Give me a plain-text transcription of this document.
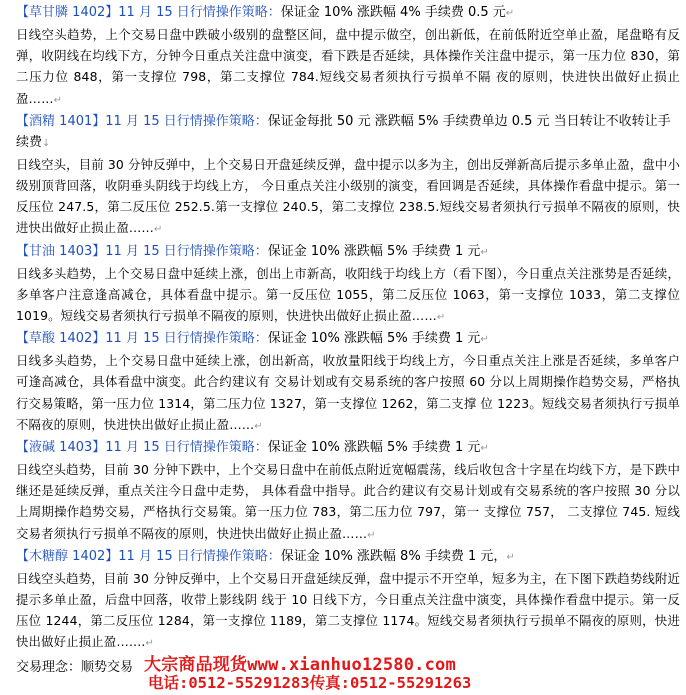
【草甘膦 1402】11 月 15 日行情操作策略：保证金 10% 涨跌幅 4% 手续费 0.5 元↵

日线空头趋势，上个交易日盘中跌破小级别的盘整区间，盘中提示做空，创出新低，在前低附近空单止盈，尾盘略有反弹，收阴线在均线下方，分钟今日重点关注盘中演变，看下跌是否延续，具体操作关注盘中提示，第一压力位 830，第二压力位 848，第一支撑位 798，第二支撑位 784.短线交易者须执行亏损单不隔 夜的原则，快进快出做好止损止盈……↵

【酒精 1401】11 月 15 日行情操作策略：保证金每批 50 元 涨跌幅 5% 手续费单边 0.5 元 当日转让不收转让手续费↓

日线空头，目前 30 分钟反弹中，上个交易日开盘延续反弹，盘中提示以多为主，创出反弹新高后提示多单止盈，盘中小级别顶背回落，收阴垂头阴线于均线上方， 今日重点关注小级别的演变，看回调是否延续，具体操作看盘中提示。第一反压位 247.5，第二反压位 252.5.第一支撑位 240.5，第二支撑位 238.5.短线交易者须执行亏损单不隔夜的原则，快进快出做好止损止盈……↵

【甘油 1403】11 月 15 日行情操作策略：保证金 10% 涨跌幅 5% 手续费 1 元↵

日线多头趋势，上个交易日盘中延续上涨，创出上市新高，收阳线于均线上方（看下图），今日重点关注涨势是否延续，多单客户注意逢高减仓，具体看盘中提示。第一反压位 1055，第二反压位 1063，第一支撑位 1033，第二支撑位 1019。短线交易者须执行亏损单不隔夜的原则，快进快出做好止损止盈……↵

【草酸 1402】11 月 15 日行情操作策略：保证金 10% 涨跌幅 5% 手续费 1 元↵

日线多头趋势，上个交易日盘中延续上涨，创出新高，收放量阳线于均线上方，今日重点关注上涨是否延续，多单客户可逢高减仓，具体看盘中演变。此合约建议有 交易计划或有交易系统的客户按照 60 分以上周期操作趋势交易，严格执行交易策略，第一压力位 1314，第二压力位 1327，第一支撑位 1262，第二支撑 位 1223。短线交易者须执行亏损单不隔夜的原则，快进快出做好止损止盈……↵

【液碱 1403】11 月 15 日行情操作策略：保证金 10% 涨跌幅 5% 手续费 1 元↵

日线空头趋势，目前 30 分钟下跌中，上个交易日盘中在前低点附近宽幅震荡，线后收包含十字星在均线下方，是下跌中继还是延续反弹，重点关注今日盘中走势， 具体看盘中指导。此合约建议有交易计划或有交易系统的客户按照 30 分以上周期操作趋势交易，严格执行交易策。第一压力位 783，第二压力位 797，第一 支撑位 757， 二支撑位 745. 短线交易者须执行亏损单不隔夜的原则，快进快出做好止损止盈……↵

【木糖醇 1402】11 月 15 日行情操作策略：保证金 10% 涨跌幅 8% 手续费 1 元，↵

日线空头趋势，目前 30 分钟反弹中，上个交易日开盘延续反弹，盘中提示不开空单，短多为主，在下图下跌趋势线附近提示多单止盈，后盘中回落，收带上影线阴 线于 10 日线下方，今日重点关注盘中演变，具体操作看盘中提示。第一反压位 1244，第二反压位 1284，第一支撑位 1189，第二支撑位 1174。短线交易者须执行亏损单不隔夜的原则，快进快出做好止损止盈…….↵

交易理念：顺势交易 大宗商品现货www.xianhuo12580.com
电话:0512-55291283传真:0512-55291263
